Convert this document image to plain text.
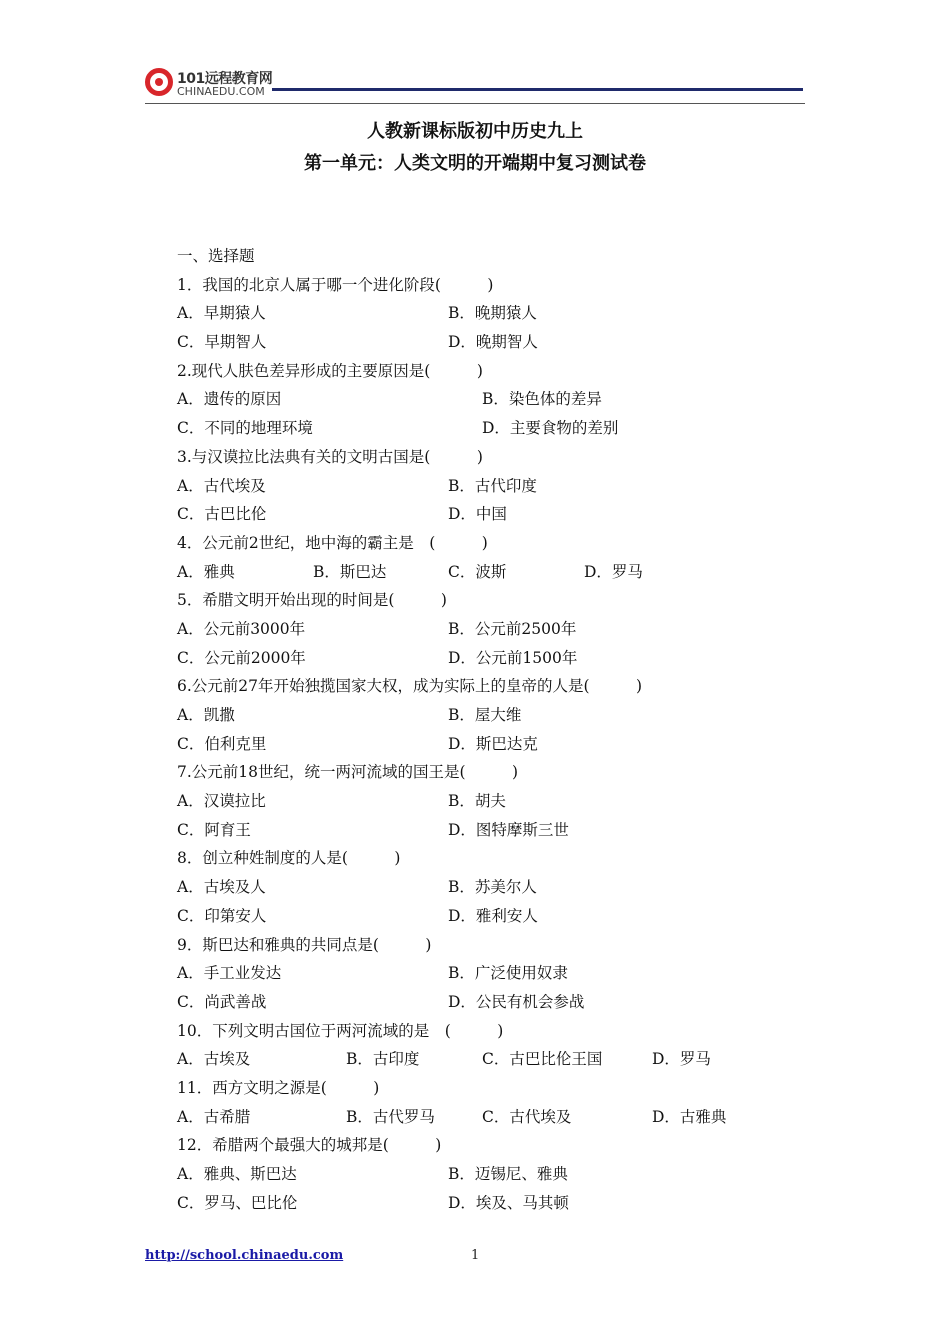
101远程教育网
CHINAEDU.COM
人教新课标版初中历史九上
第一单元：人类文明的开端期中复习测试卷
一、选择题
1．我国的北京人属于哪一个进化阶段(　　　)
A．早期猿人	B．晚期猿人
C．早期智人	D．晚期智人
2.现代人肤色差异形成的主要原因是(　　　)
A．遗传的原因	B．染色体的差异
C．不同的地理环境	D．主要食物的差别
3.与汉谟拉比法典有关的文明古国是(　　　)
A．古代埃及	B．古代印度
C．古巴比伦	D．中国
4．公元前2世纪，地中海的霸主是　(　　　)
A．雅典	B．斯巴达	C．波斯	D．罗马
5．希腊文明开始出现的时间是(　　　)
A．公元前3000年	B．公元前2500年
C．公元前2000年	D．公元前1500年
6.公元前27年开始独揽国家大权，成为实际上的皇帝的人是(　　　)
A．凯撒	B．屋大维
C．伯利克里	D．斯巴达克
7.公元前18世纪，统一两河流域的国王是(　　　)
A．汉谟拉比	B．胡夫
C．阿育王	D．图特摩斯三世
8．创立种姓制度的人是(　　　)
A．古埃及人	B．苏美尔人
C．印第安人	D．雅利安人
9．斯巴达和雅典的共同点是(　　　)
A．手工业发达	B．广泛使用奴隶
C．尚武善战	D．公民有机会参战
10．下列文明古国位于两河流域的是　(　　　)
A．古埃及	B．古印度	C．古巴比伦王国	D．罗马
11．西方文明之源是(　　　)
A．古希腊	B．古代罗马	C．古代埃及	D．古雅典
12．希腊两个最强大的城邦是(　　　)
A．雅典、斯巴达	B．迈锡尼、雅典
C．罗马、巴比伦	D．埃及、马其顿
http://school.chinaedu.com	1
